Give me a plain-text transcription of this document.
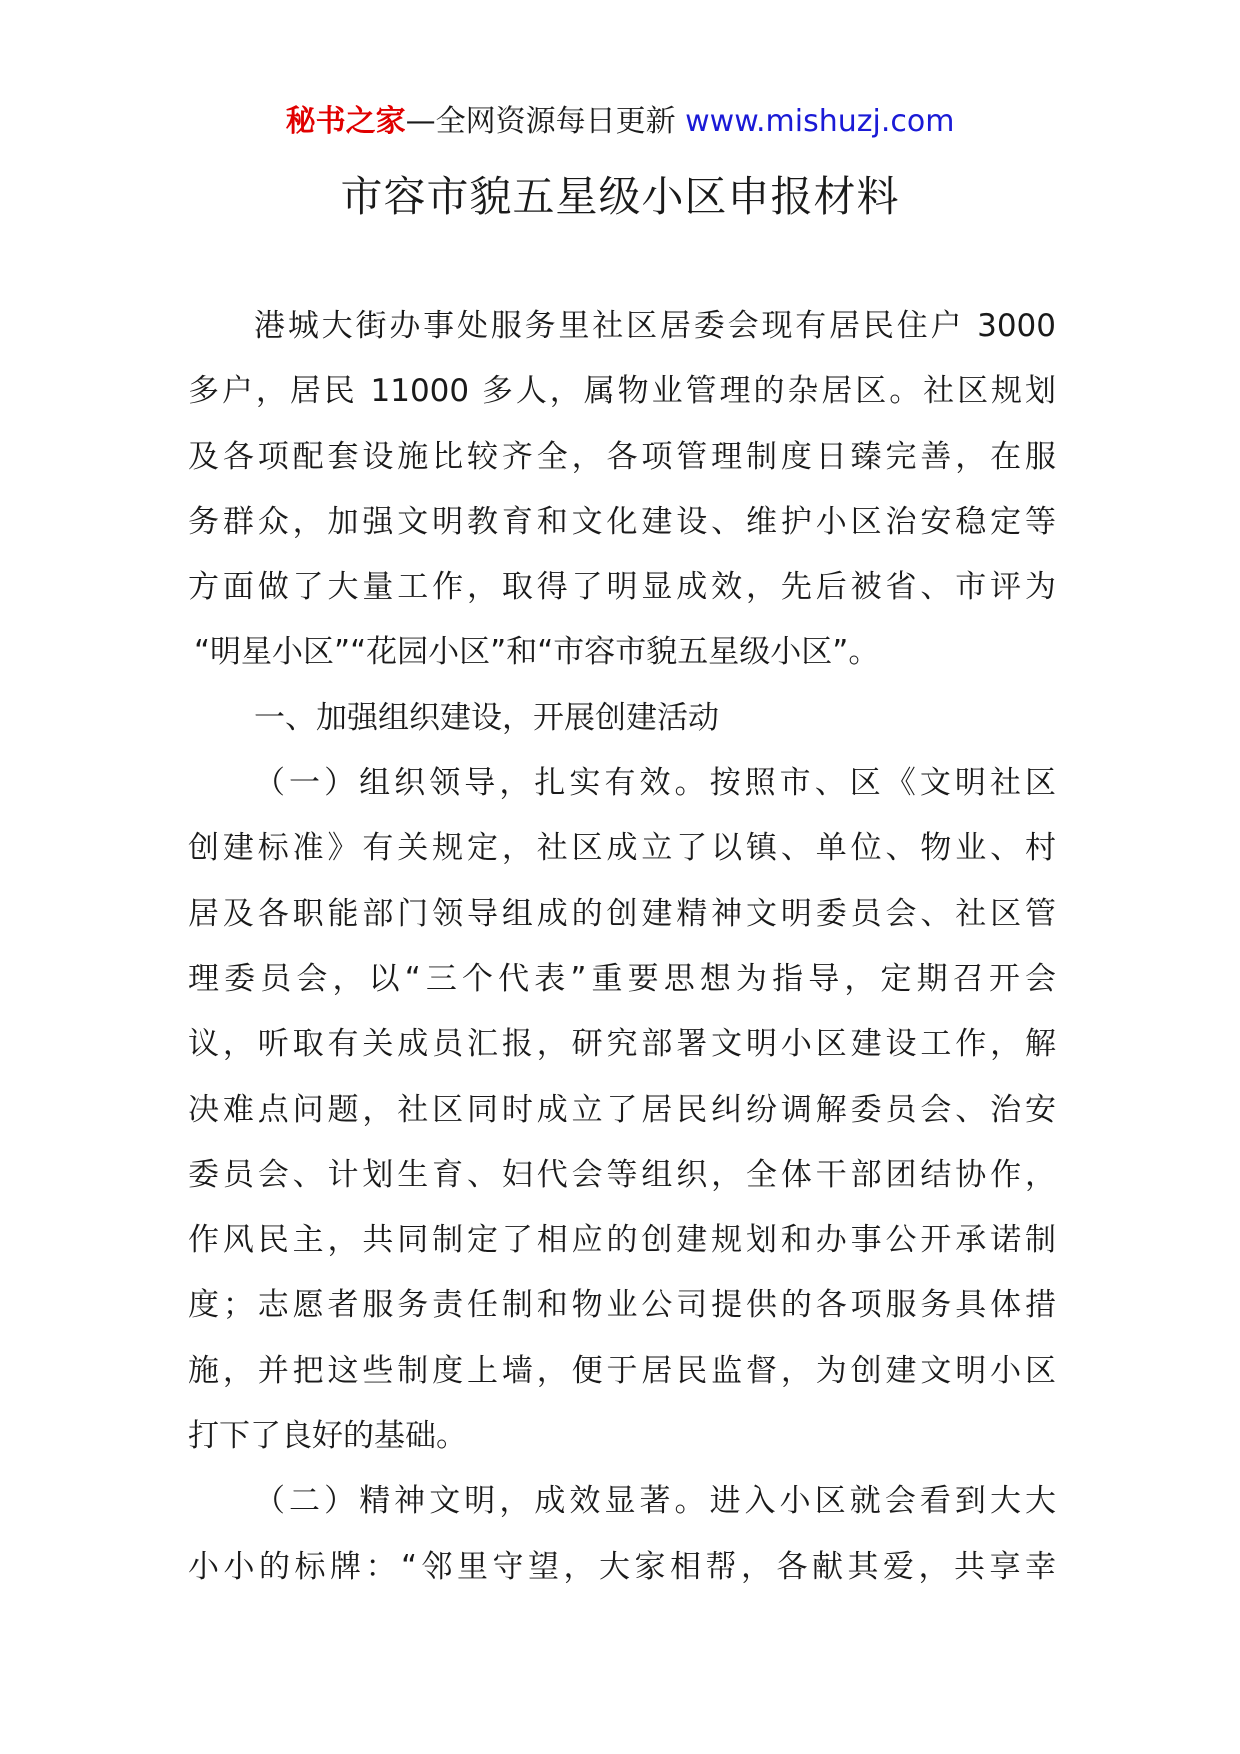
秘书之家—全网资源每日更新 www.mishuzj.com
市容市貌五星级小区申报材料
港城大街办事处服务里社区居委会现有居民住户 3000
多户，居民 11000 多人，属物业管理的杂居区。社区规划
及各项配套设施比较齐全，各项管理制度日臻完善，在服
务群众，加强文明教育和文化建设、维护小区治安稳定等
方面做了大量工作，取得了明显成效，先后被省、市评为
“明星小区”“花园小区”和“市容市貌五星级小区”。
一、加强组织建设，开展创建活动
（一）组织领导，扎实有效。按照市、区《文明社区
创建标准》有关规定，社区成立了以镇、单位、物业、村
居及各职能部门领导组成的创建精神文明委员会、社区管
理委员会，以“三个代表”重要思想为指导，定期召开会
议，听取有关成员汇报，研究部署文明小区建设工作，解
决难点问题，社区同时成立了居民纠纷调解委员会、治安
委员会、计划生育、妇代会等组织，全体干部团结协作，
作风民主，共同制定了相应的创建规划和办事公开承诺制
度；志愿者服务责任制和物业公司提供的各项服务具体措
施，并把这些制度上墙，便于居民监督，为创建文明小区
打下了良好的基础。
（二）精神文明，成效显著。进入小区就会看到大大
小小的标牌：“邻里守望，大家相帮，各献其爱，共享幸
